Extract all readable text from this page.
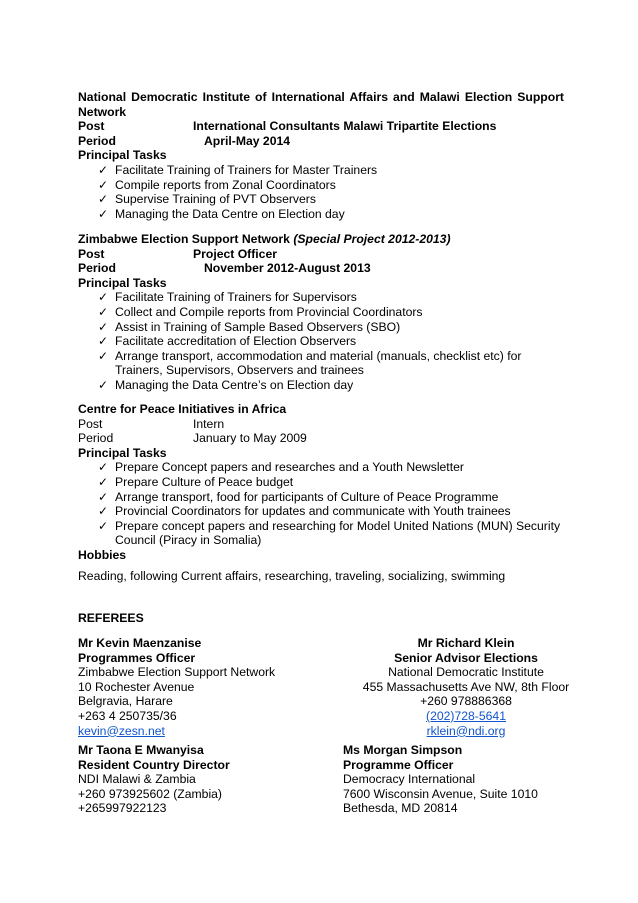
National Democratic Institute of International Affairs and Malawi Election Support
Network
Post	International Consultants Malawi Tripartite Elections
Period	April-May 2014
Principal Tasks
✓ Facilitate Training of Trainers for Master Trainers
✓ Compile reports from Zonal Coordinators
✓ Supervise Training of PVT Observers
✓ Managing the Data Centre on Election day
Zimbabwe Election Support Network (Special Project 2012-2013)
Post	Project Officer
Period	November 2012-August 2013
Principal Tasks
✓ Facilitate Training of Trainers for Supervisors
✓ Collect and Compile reports from Provincial Coordinators
✓ Assist in Training of Sample Based Observers (SBO)
✓ Facilitate accreditation of Election Observers
✓ Arrange transport, accommodation and material (manuals, checklist etc) for Trainers, Supervisors, Observers and trainees
✓ Managing the Data Centre’s on Election day
Centre for Peace Initiatives in Africa
Post	Intern
Period	January to May 2009
Principal Tasks
✓ Prepare Concept papers and researches and a Youth Newsletter
✓ Prepare Culture of Peace budget
✓ Arrange transport, food for participants of Culture of Peace Programme
✓ Provincial Coordinators for updates and communicate with Youth trainees
✓ Prepare concept papers and researching for Model United Nations (MUN) Security Council (Piracy in Somalia)
Hobbies
Reading, following Current affairs, researching, traveling, socializing, swimming
REFEREES
Mr Kevin Maenzanise
Programmes Officer
Zimbabwe Election Support Network
10 Rochester Avenue
Belgravia, Harare
+263 4 250735/36
kevin@zesn.net
Mr Richard Klein
Senior Advisor Elections
National Democratic Institute
455 Massachusetts Ave NW, 8th Floor
+260 978886368
(202)728-5641
rklein@ndi.org
Mr Taona E Mwanyisa
Resident Country Director
NDI Malawi & Zambia
+260 973925602 (Zambia)
+265997922123
Ms Morgan Simpson
Programme Officer
Democracy International
7600 Wisconsin Avenue, Suite 1010
Bethesda, MD 20814
